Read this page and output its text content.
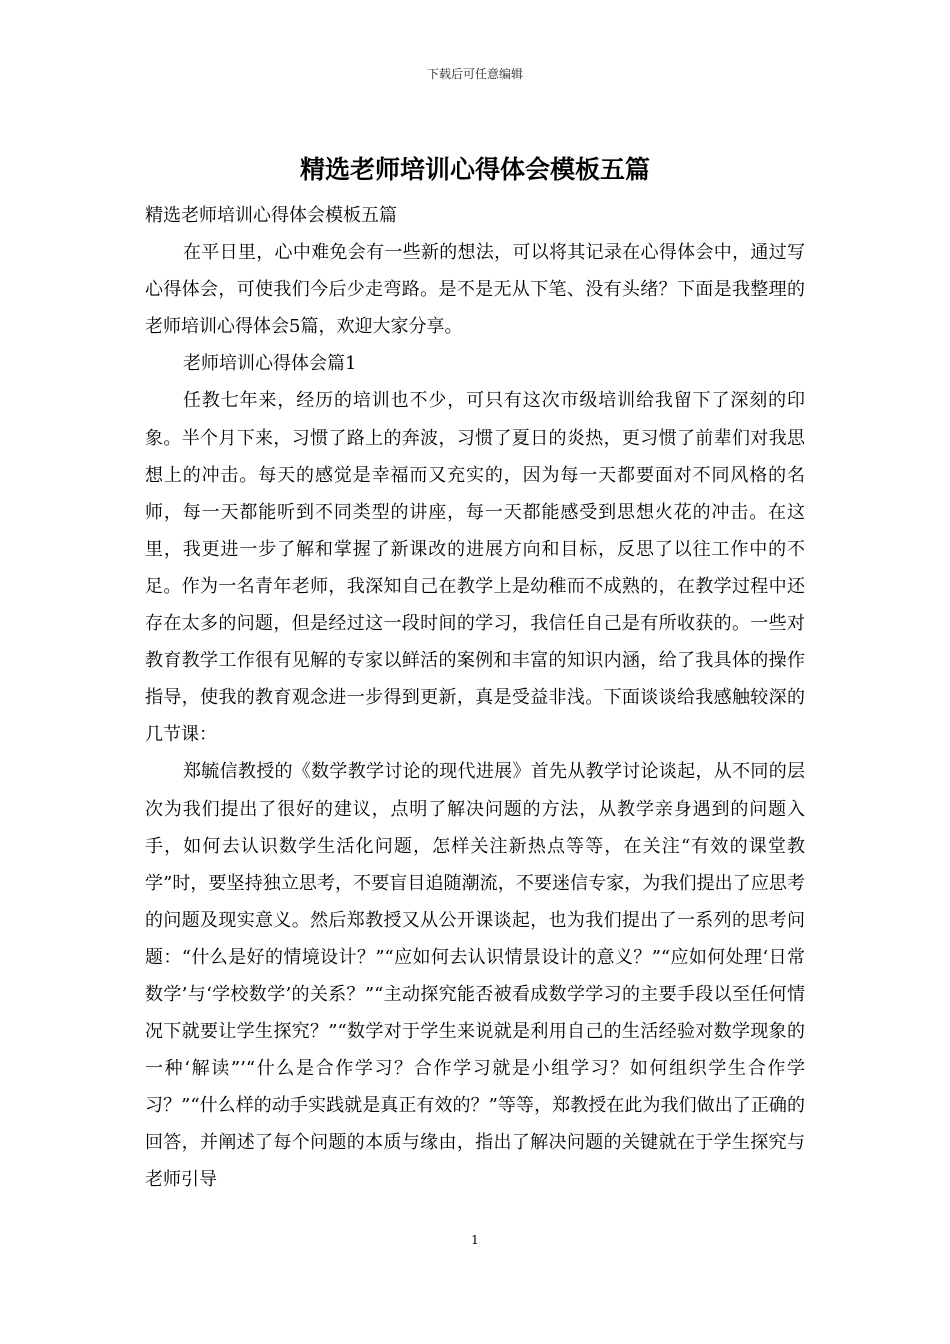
下载后可任意编辑
精选老师培训心得体会模板五篇

精选老师培训心得体会模板五篇

在平日里，心中难免会有一些新的想法，可以将其记录在心得体会中，通过写心得体会，可使我们今后少走弯路。是不是无从下笔、没有头绪？下面是我整理的老师培训心得体会5篇，欢迎大家分享。

老师培训心得体会篇1

任教七年来，经历的培训也不少，可只有这次市级培训给我留下了深刻的印象。半个月下来，习惯了路上的奔波，习惯了夏日的炎热，更习惯了前辈们对我思想上的冲击。每天的感觉是幸福而又充实的，因为每一天都要面对不同风格的名师，每一天都能听到不同类型的讲座，每一天都能感受到思想火花的冲击。在这里，我更进一步了解和掌握了新课改的进展方向和目标，反思了以往工作中的不足。作为一名青年老师，我深知自己在教学上是幼稚而不成熟的，在教学过程中还存在太多的问题，但是经过这一段时间的学习，我信任自己是有所收获的。一些对教育教学工作很有见解的专家以鲜活的案例和丰富的知识内涵，给了我具体的操作指导，使我的教育观念进一步得到更新，真是受益非浅。下面谈谈给我感触较深的几节课：

郑毓信教授的《数学教学讨论的现代进展》首先从教学讨论谈起，从不同的层次为我们提出了很好的建议，点明了解决问题的方法，从教学亲身遇到的问题入手，如何去认识数学生活化问题，怎样关注新热点等等，在关注“有效的课堂教学”时，要坚持独立思考，不要盲目追随潮流，不要迷信专家，为我们提出了应思考的问题及现实意义。然后郑教授又从公开课谈起，也为我们提出了一系列的思考问题：“什么是好的情境设计？”“应如何去认识情景设计的意义？”“应如何处理‘日常数学’与‘学校数学’的关系？”“主动探究能否被看成数学学习的主要手段以至任何情况下就要让学生探究？”“数学对于学生来说就是利用自己的生活经验对数学现象的一种‘解读”’“什么是合作学习？合作学习就是小组学习？如何组织学生合作学习？”“什么样的动手实践就是真正有效的？”等等，郑教授在此为我们做出了正确的回答，并阐述了每个问题的本质与缘由，指出了解决问题的关键就在于学生探究与老师引导

1
